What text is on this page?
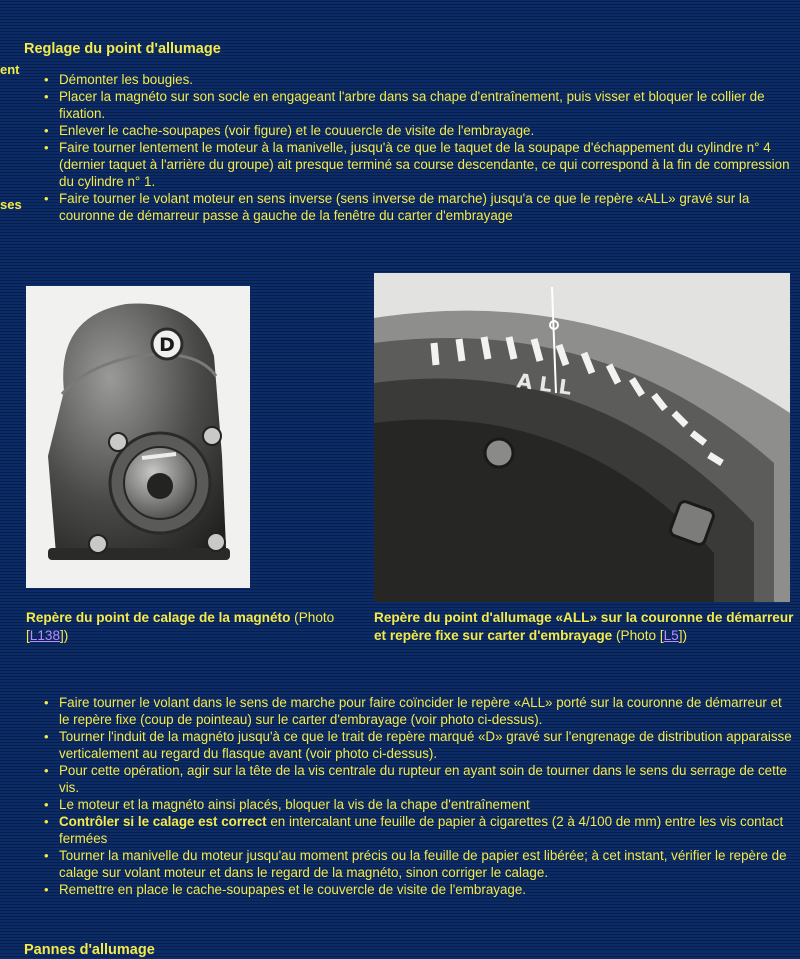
Reglage du point d'allumage
ent
ses
• Démonter les bougies.
• Placer la magnéto sur son socle en engageant l'arbre dans sa chape d'entraînement, puis visser et bloquer le collier de fixation.
• Enlever le cache-soupapes (voir figure) et le couuercle de visite de l'embrayage.
• Faire tourner lentement le moteur à la manivelle, jusqu'à ce que le taquet de la soupape d'échappement du cylindre n° 4 (dernier taquet à l'arrière du groupe) ait presque terminé sa course descendante, ce qui correspond à la fin de compression du cylindre n° 1.
• Faire tourner le volant moteur en sens inverse (sens inverse de marche) jusqu'a ce que le repère «ALL» gravé sur la couronne de démarreur passe à gauche de la fenêtre du carter d'embrayage
D
A L L
Repère du point de calage de la magnéto (Photo [L138])
Repère du point d'allumage «ALL» sur la couronne de démarreur et repère fixe sur carter d'embrayage (Photo [L5])
• Faire tourner le volant dans le sens de marche pour faire coïncider le repère «ALL» porté sur la couronne de démarreur et le repère fixe (coup de pointeau) sur le carter d'embrayage (voir photo ci-dessus).
• Tourner l'induit de la magnéto jusqu'à ce que le trait de repère marqué «D» gravé sur l'engrenage de distribution apparaisse verticalement au regard du flasque avant (voir photo ci-dessus).
• Pour cette opération, agir sur la tête de la vis centrale du rupteur en ayant soin de tourner dans le sens du serrage de cette vis.
• Le moteur et la magnéto ainsi placés, bloquer la vis de la chape d'entraînement
• Contrôler si le calage est correct en intercalant une feuille de papier à cigarettes (2 à 4/100 de mm) entre les vis contact fermées
• Tourner la manivelle du moteur jusqu'au moment précis ou la feuille de papier est libérée; à cet instant, vérifier le repère de calage sur volant moteur et dans le regard de la magnéto, sinon corriger le calage.
• Remettre en place le cache-soupapes et le couvercle de visite de l'embrayage.
Pannes d'allumage
